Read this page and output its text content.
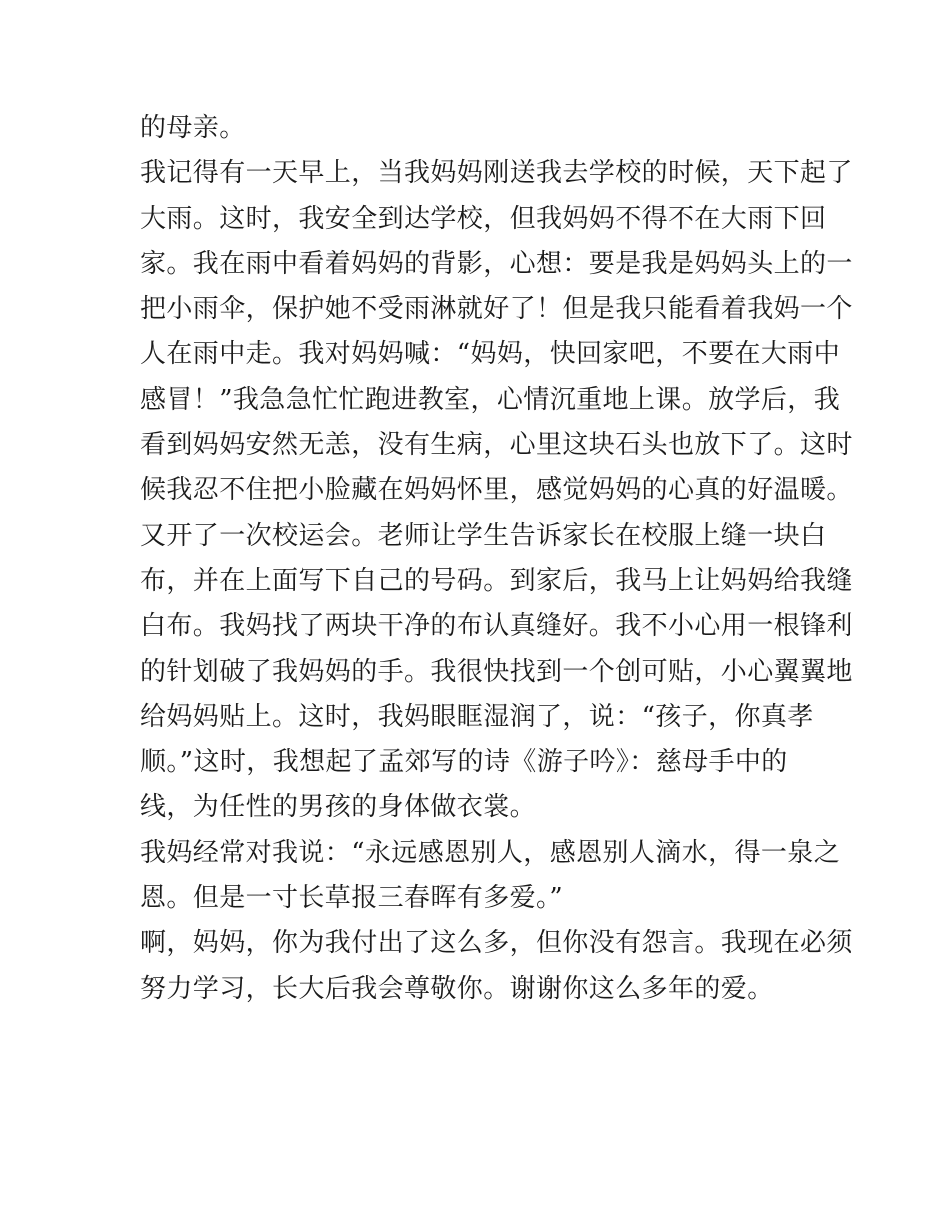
的母亲。
我记得有一天早上，当我妈妈刚送我去学校的时候，天下起了
大雨。这时，我安全到达学校，但我妈妈不得不在大雨下回
家。我在雨中看着妈妈的背影，心想：要是我是妈妈头上的一
把小雨伞，保护她不受雨淋就好了！但是我只能看着我妈一个
人在雨中走。我对妈妈喊：“妈妈，快回家吧，不要在大雨中
感冒！”我急急忙忙跑进教室，心情沉重地上课。放学后，我
看到妈妈安然无恙，没有生病，心里这块石头也放下了。这时
候我忍不住把小脸藏在妈妈怀里，感觉妈妈的心真的好温暖。
又开了一次校运会。老师让学生告诉家长在校服上缝一块白
布，并在上面写下自己的号码。到家后，我马上让妈妈给我缝
白布。我妈找了两块干净的布认真缝好。我不小心用一根锋利
的针划破了我妈妈的手。我很快找到一个创可贴，小心翼翼地
给妈妈贴上。这时，我妈眼眶湿润了，说：“孩子，你真孝
顺。”这时，我想起了孟郊写的诗《游子吟》：慈母手中的
线，为任性的男孩的身体做衣裳。
我妈经常对我说：“永远感恩别人，感恩别人滴水，得一泉之
恩。但是一寸长草报三春晖有多爱。”
啊，妈妈，你为我付出了这么多，但你没有怨言。我现在必须
努力学习，长大后我会尊敬你。谢谢你这么多年的爱。
